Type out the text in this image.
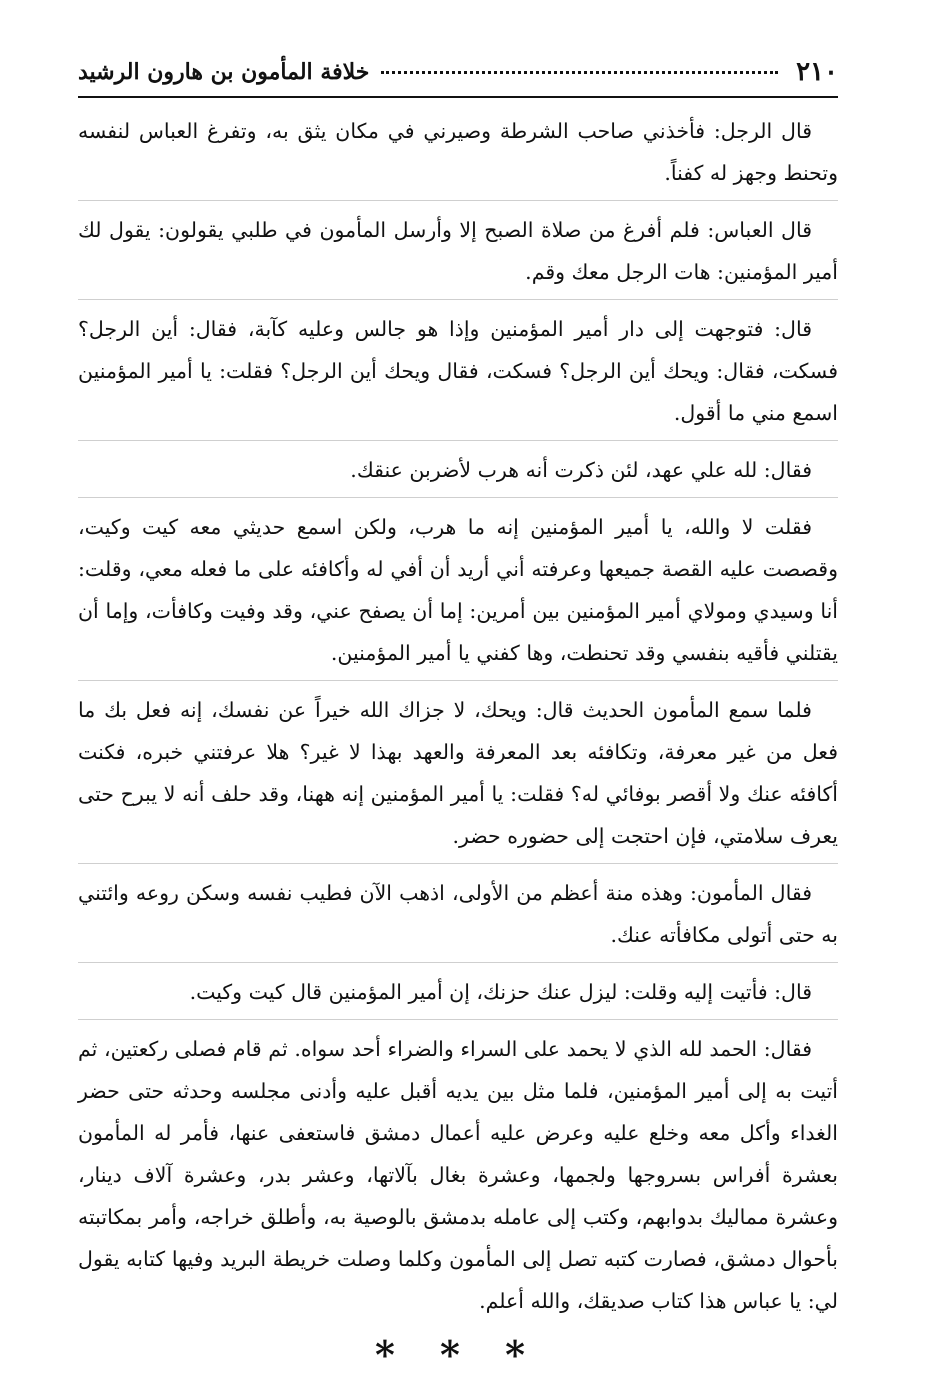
٢١٠
خلافة المأمون بن هارون الرشيد

قال الرجل: فأخذني صاحب الشرطة وصيرني في مكان يثق به، وتفرغ العباس لنفسه وتحنط وجهز له كفناً.

قال العباس: فلم أفرغ من صلاة الصبح إلا وأرسل المأمون في طلبي يقولون: يقول لك أمير المؤمنين: هات الرجل معك وقم.

قال: فتوجهت إلى دار أمير المؤمنين وإذا هو جالس وعليه كآبة، فقال: أين الرجل؟ فسكت، فقال: ويحك أين الرجل؟ فسكت، فقال ويحك أين الرجل؟ فقلت: يا أمير المؤمنين اسمع مني ما أقول.

فقال: لله علي عهد، لئن ذكرت أنه هرب لأضربن عنقك.

فقلت لا والله، يا أمير المؤمنين إنه ما هرب، ولكن اسمع حديثي معه كيت وكيت، وقصصت عليه القصة جميعها وعرفته أني أريد أن أفي له وأكافئه على ما فعله معي، وقلت: أنا وسيدي ومولاي أمير المؤمنين بين أمرين: إما أن يصفح عني، وقد وفيت وكافأت، وإما أن يقتلني فأقيه بنفسي وقد تحنطت، وها كفني يا أمير المؤمنين.

فلما سمع المأمون الحديث قال: ويحك، لا جزاك الله خيراً عن نفسك، إنه فعل بك ما فعل من غير معرفة، وتكافئه بعد المعرفة والعهد بهذا لا غير؟ هلا عرفتني خبره، فكنت أكافئه عنك ولا أقصر بوفائي له؟ فقلت: يا أمير المؤمنين إنه ههنا، وقد حلف أنه لا يبرح حتى يعرف سلامتي، فإن احتجت إلى حضوره حضر.

فقال المأمون: وهذه منة أعظم من الأولى، اذهب الآن فطيب نفسه وسكن روعه وائتني به حتى أتولى مكافأته عنك.

قال: فأتيت إليه وقلت: ليزل عنك حزنك، إن أمير المؤمنين قال كيت وكيت.

فقال: الحمد لله الذي لا يحمد على السراء والضراء أحد سواه. ثم قام فصلى ركعتين، ثم أتيت به إلى أمير المؤمنين، فلما مثل بين يديه أقبل عليه وأدنى مجلسه وحدثه حتى حضر الغداء وأكل معه وخلع عليه وعرض عليه أعمال دمشق فاستعفى عنها، فأمر له المأمون بعشرة أفراس بسروجها ولجمها، وعشرة بغال بآلاتها، وعشر بدر، وعشرة آلاف دينار، وعشرة مماليك بدوابهم، وكتب إلى عامله بدمشق بالوصية به، وأطلق خراجه، وأمر بمكاتبته بأحوال دمشق، فصارت كتبه تصل إلى المأمون وكلما وصلت خريطة البريد وفيها كتابه يقول لي: يا عباس هذا كتاب صديقك، والله أعلم.

* * *
